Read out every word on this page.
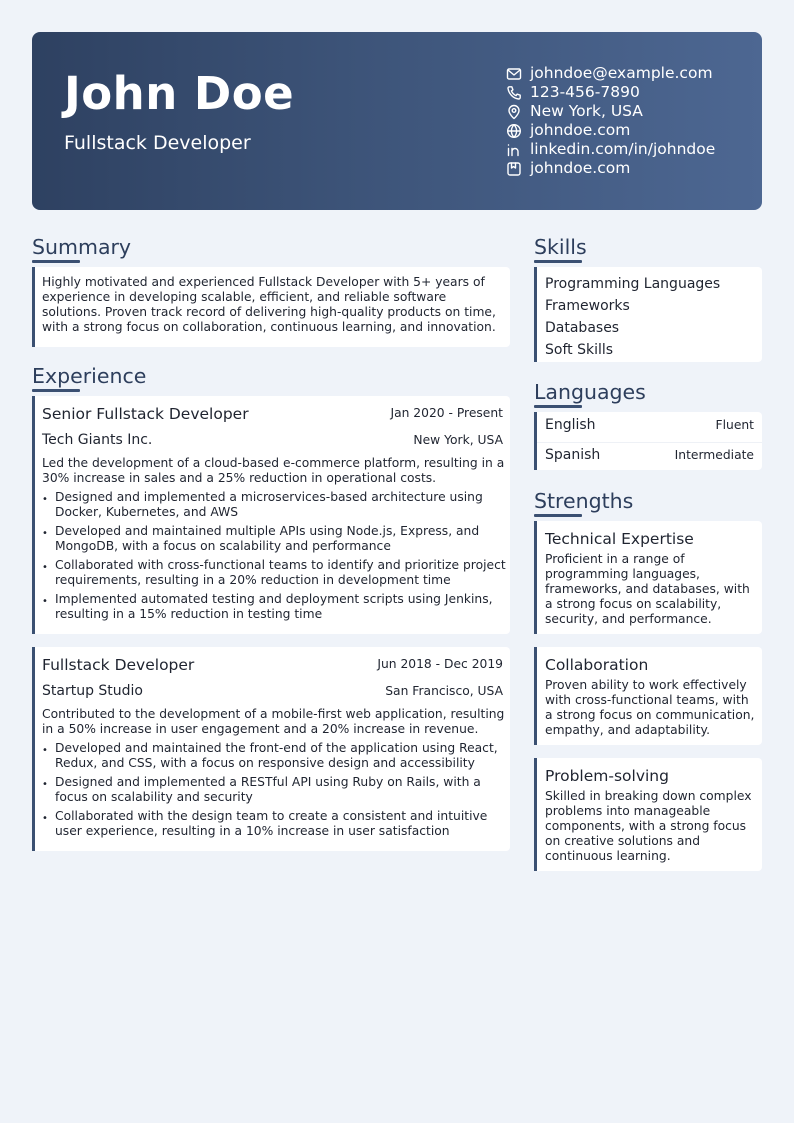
John Doe
Fullstack Developer
johndoe@example.com
123-456-7890
New York, USA
johndoe.com
linkedin.com/in/johndoe
johndoe.com
Summary
Highly motivated and experienced Fullstack Developer with 5+ years of experience in developing scalable, efficient, and reliable software solutions. Proven track record of delivering high-quality products on time, with a strong focus on collaboration, continuous learning, and innovation.
Experience
Senior Fullstack Developer	Jan 2020 - Present
Tech Giants Inc.	New York, USA
Led the development of a cloud-based e-commerce platform, resulting in a 30% increase in sales and a 25% reduction in operational costs.
• Designed and implemented a microservices-based architecture using Docker, Kubernetes, and AWS
• Developed and maintained multiple APIs using Node.js, Express, and MongoDB, with a focus on scalability and performance
• Collaborated with cross-functional teams to identify and prioritize project requirements, resulting in a 20% reduction in development time
• Implemented automated testing and deployment scripts using Jenkins, resulting in a 15% reduction in testing time
Fullstack Developer	Jun 2018 - Dec 2019
Startup Studio	San Francisco, USA
Contributed to the development of a mobile-first web application, resulting in a 50% increase in user engagement and a 20% increase in revenue.
• Developed and maintained the front-end of the application using React, Redux, and CSS, with a focus on responsive design and accessibility
• Designed and implemented a RESTful API using Ruby on Rails, with a focus on scalability and security
• Collaborated with the design team to create a consistent and intuitive user experience, resulting in a 10% increase in user satisfaction
Skills
Programming Languages
Frameworks
Databases
Soft Skills
Languages
English	Fluent
Spanish	Intermediate
Strengths
Technical Expertise
Proficient in a range of programming languages, frameworks, and databases, with a strong focus on scalability, security, and performance.
Collaboration
Proven ability to work effectively with cross-functional teams, with a strong focus on communication, empathy, and adaptability.
Problem-solving
Skilled in breaking down complex problems into manageable components, with a strong focus on creative solutions and continuous learning.
